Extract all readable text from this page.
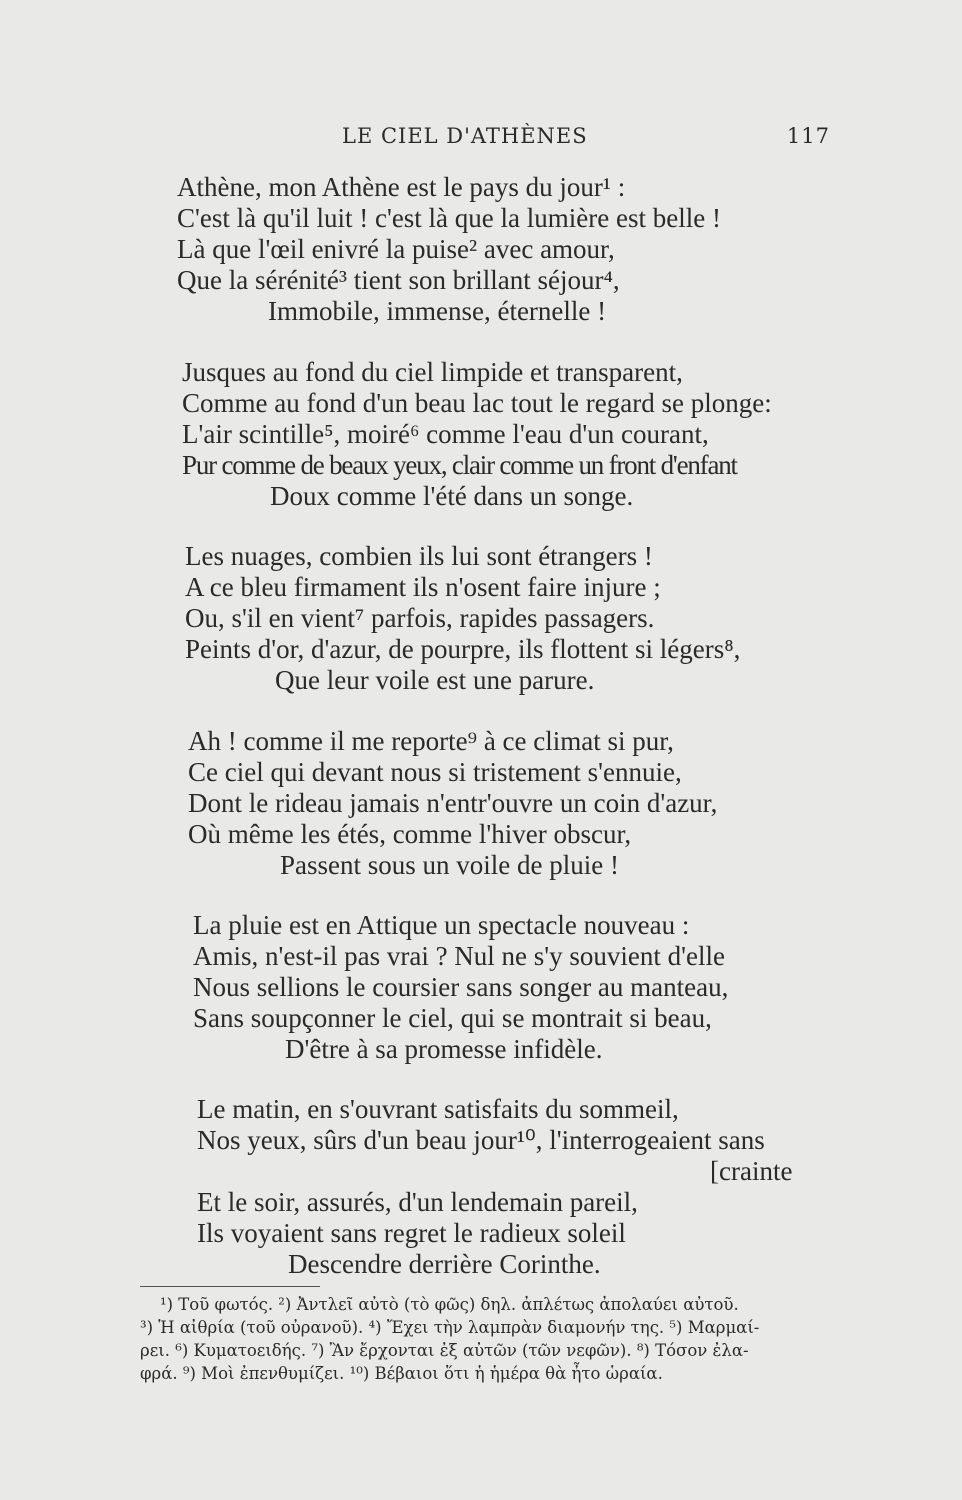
LE CIEL D'ATHÈNES	117
Athène, mon Athène est le pays du jour¹ :
C'est là qu'il luit ! c'est là que la lumière est belle !
Là que l'œil enivré la puise² avec amour,
Que la sérénité³ tient son brillant séjour⁴,
Immobile, immense, éternelle !
Jusques au fond du ciel limpide et transparent,
Comme au fond d'un beau lac tout le regard se plonge:
L'air scintille⁵, moiré⁶ comme l'eau d'un courant,
Pur comme de beaux yeux, clair comme un front d'enfant
Doux comme l'été dans un songe.
Les nuages, combien ils lui sont étrangers !
A ce bleu firmament ils n'osent faire injure ;
Ou, s'il en vient⁷ parfois, rapides passagers.
Peints d'or, d'azur, de pourpre, ils flottent si légers⁸,
Que leur voile est une parure.
Ah ! comme il me reporte⁹ à ce climat si pur,
Ce ciel qui devant nous si tristement s'ennuie,
Dont le rideau jamais n'entr'ouvre un coin d'azur,
Où même les étés, comme l'hiver obscur,
Passent sous un voile de pluie !
La pluie est en Attique un spectacle nouveau :
Amis, n'est-il pas vrai ? Nul ne s'y souvient d'elle
Nous sellions le coursier sans songer au manteau,
Sans soupçonner le ciel, qui se montrait si beau,
D'être à sa promesse infidèle.
Le matin, en s'ouvrant satisfaits du sommeil,
Nos yeux, sûrs d'un beau jour¹⁰, l'interrogeaient sans
[crainte
Et le soir, assurés, d'un lendemain pareil,
Ils voyaient sans regret le radieux soleil
Descendre derrière Corinthe.
¹) Τοῦ φωτός. ²) Ἀντλεῖ αὐτὸ (τὸ φῶς) δηλ. ἀπλέτως ἀπολαύει αὐτοῦ.
³) Ἡ αἰθρία (τοῦ οὐρανοῦ). ⁴) Ἔχει τὴν λαμπρὰν διαμονήν της. ⁵) Μαρμαί-
ρει. ⁶) Κυματοειδής. ⁷) Ἂν ἔρχονται ἐξ αὐτῶν (τῶν νεφῶν). ⁸) Τόσον ἐλα-
φρά. ⁹) Μοὶ ἐπενθυμίζει. ¹⁰) Βέβαιοι ὅτι ἡ ἡμέρα θὰ ἦτο ὡραία.
